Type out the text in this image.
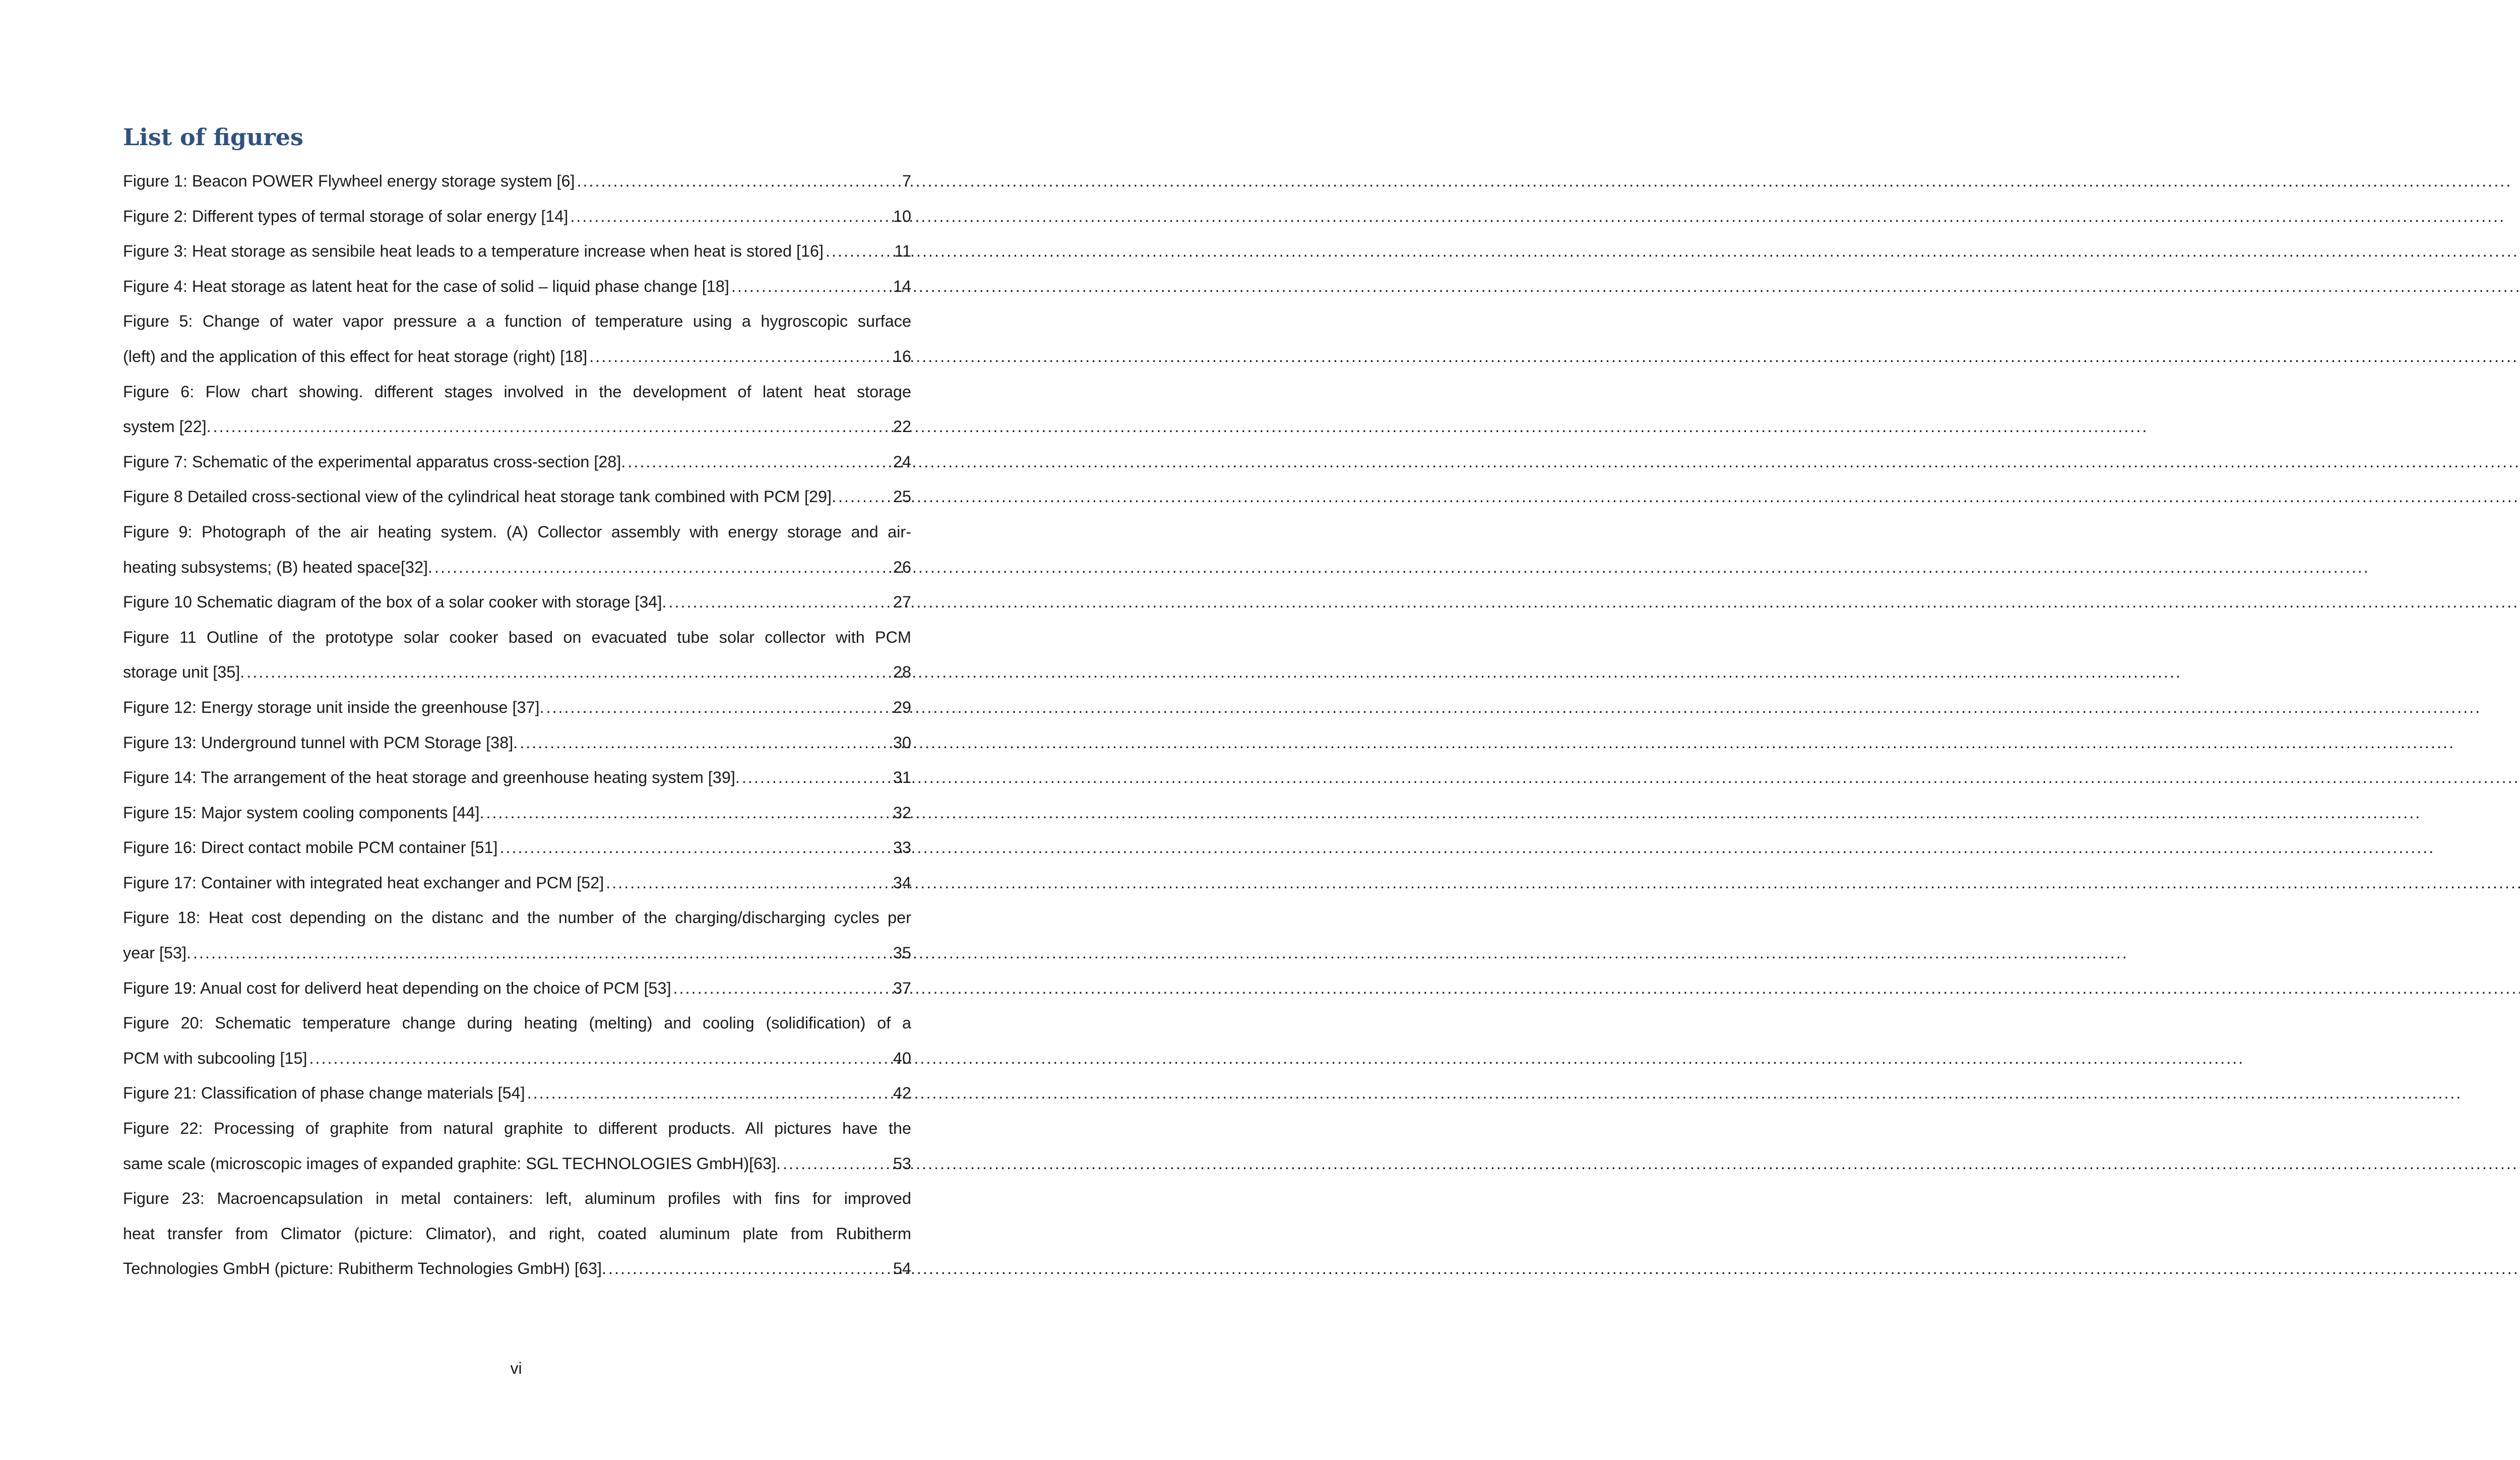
List of figures
Figure 1: Beacon POWER Flywheel energy storage system [6] .....	7
Figure 2: Different types of termal storage of solar energy [14] .....	10
Figure 3: Heat storage as sensibile heat leads to a temperature increase when heat is stored [16] .....	11
Figure 4: Heat storage as latent heat for the case of solid – liquid phase change [18] .....	14
Figure 5: Change of water vapor pressure a a function of temperature using a hygroscopic surface
(left) and the application of this effect for heat storage (right) [18] .....	16
Figure 6: Flow chart showing. different stages involved in the development of latent heat storage
system [22]. .....	22
Figure 7: Schematic of the experimental apparatus cross-section [28]. .....	24
Figure 8 Detailed cross-sectional view of the cylindrical heat storage tank combined with PCM [29]. .....	25
Figure 9: Photograph of the air heating system. (A) Collector assembly with energy storage and air-
heating subsystems; (B) heated space[32]. .....	26
Figure 10 Schematic diagram of the box of a solar cooker with storage [34]. .....	27
Figure 11 Outline of the prototype solar cooker based on evacuated tube solar collector with PCM
storage unit [35]. .....	28
Figure 12: Energy storage unit inside the greenhouse [37]. .....	29
Figure 13: Underground tunnel with PCM Storage [38]. .....	30
Figure 14: The arrangement of the heat storage and greenhouse heating system [39]. .....	31
Figure 15: Major system cooling components [44]. .....	32
Figure 16: Direct contact mobile PCM container [51] .....	33
Figure 17: Container with integrated heat exchanger and PCM [52] .....	34
Figure 18: Heat cost depending on the distanc and the number of the charging/discharging cycles per
year [53]. .....	35
Figure 19: Anual cost for deliverd heat depending on the choice of PCM [53] .....	37
Figure 20: Schematic temperature change during heating (melting) and cooling (solidification) of a
PCM with subcooling [15] .....	40
Figure 21: Classification of phase change materials [54] .....	42
Figure 22: Processing of graphite from natural graphite to different products. All pictures have the
same scale (microscopic images of expanded graphite: SGL TECHNOLOGIES GmbH)[63]. .....	53
Figure 23: Macroencapsulation in metal containers: left, aluminum profiles with fins for improved
heat transfer from Climator (picture: Climator), and right, coated aluminum plate from Rubitherm
Technologies GmbH (picture: Rubitherm Technologies GmbH) [63]. .....	54
vi
